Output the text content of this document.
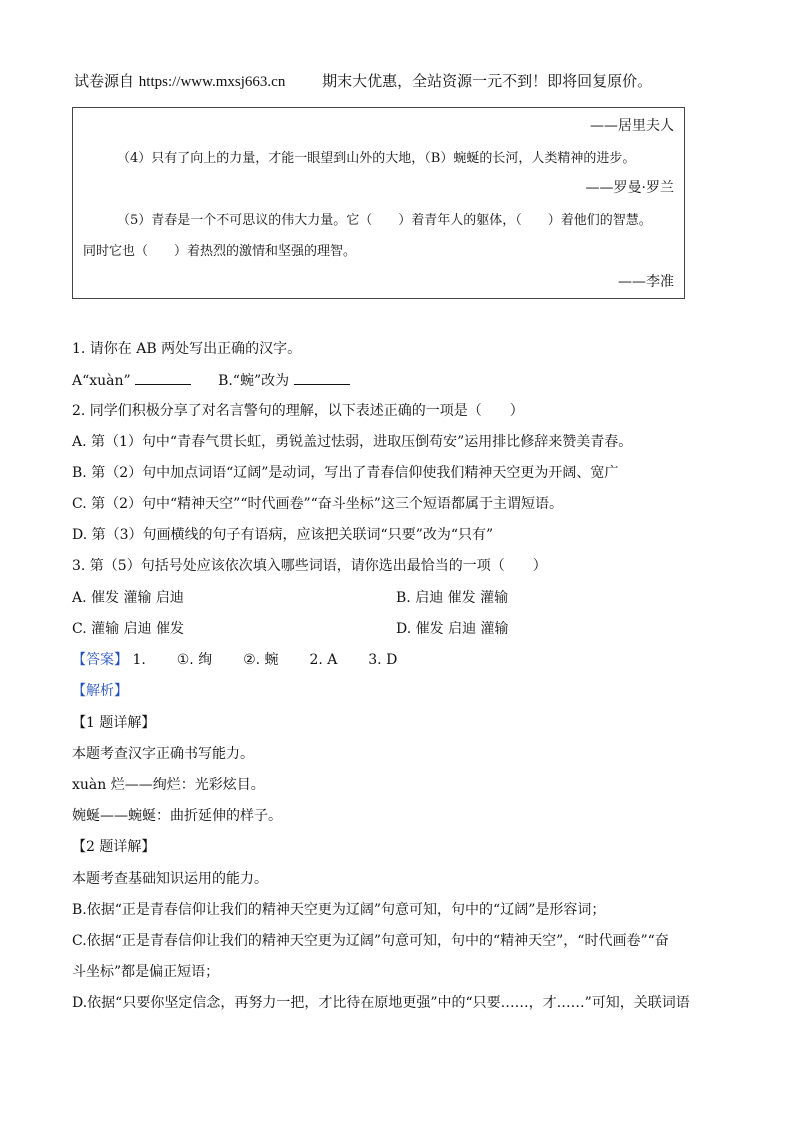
试卷源自 https://www.mxsj663.cn 期末大优惠，全站资源一元不到！即将回复原价。
——居里夫人
（4）只有了向上的力量，才能一眼望到山外的大地，（B）蜿蜒的长河，人类精神的进步。
——罗曼·罗兰
（5）青春是一个不可思议的伟大力量。它（　　）着青年人的躯体，（　　）着他们的智慧。
同时它也（　　）着热烈的激情和坚强的理智。
——李准
1. 请你在 AB 两处写出正确的汉字。
A“xuàn”	B.“蜿”改为
2. 同学们积极分享了对名言警句的理解，以下表述正确的一项是（　　）
A. 第（1）句中“青春气贯长虹，勇锐盖过怯弱，进取压倒苟安”运用排比修辞来赞美青春。
B. 第（2）句中加点词语“辽阔”是动词，写出了青春信仰使我们精神天空更为开阔、宽广
C. 第（2）句中“精神天空”“时代画卷”“奋斗坐标”这三个短语都属于主谓短语。
D. 第（3）句画横线的句子有语病，应该把关联词“只要”改为“只有”
3. 第（5）句括号处应该依次填入哪些词语，请你选出最恰当的一项（　　）
A. 催发 灌输 启迪	B. 启迪 催发 灌输
C. 灌输 启迪 催发	D. 催发 启迪 灌输
【答案】 1. ①. 绚 ②. 蜿 2. A 3. D
【解析】
【1 题详解】
本题考查汉字正确书写能力。
xuàn 烂——绚烂：光彩炫目。
婉蜒——蜿蜒：曲折延伸的样子。
【2 题详解】
本题考查基础知识运用的能力。
B.依据“正是青春信仰让我们的精神天空更为辽阔”句意可知，句中的“辽阔”是形容词；
C.依据“正是青春信仰让我们的精神天空更为辽阔”句意可知，句中的“精神天空”，“时代画卷”“奋
斗坐标”都是偏正短语；
D.依据“只要你坚定信念，再努力一把，才比待在原地更强”中的“只要……，才……”可知，关联词语
